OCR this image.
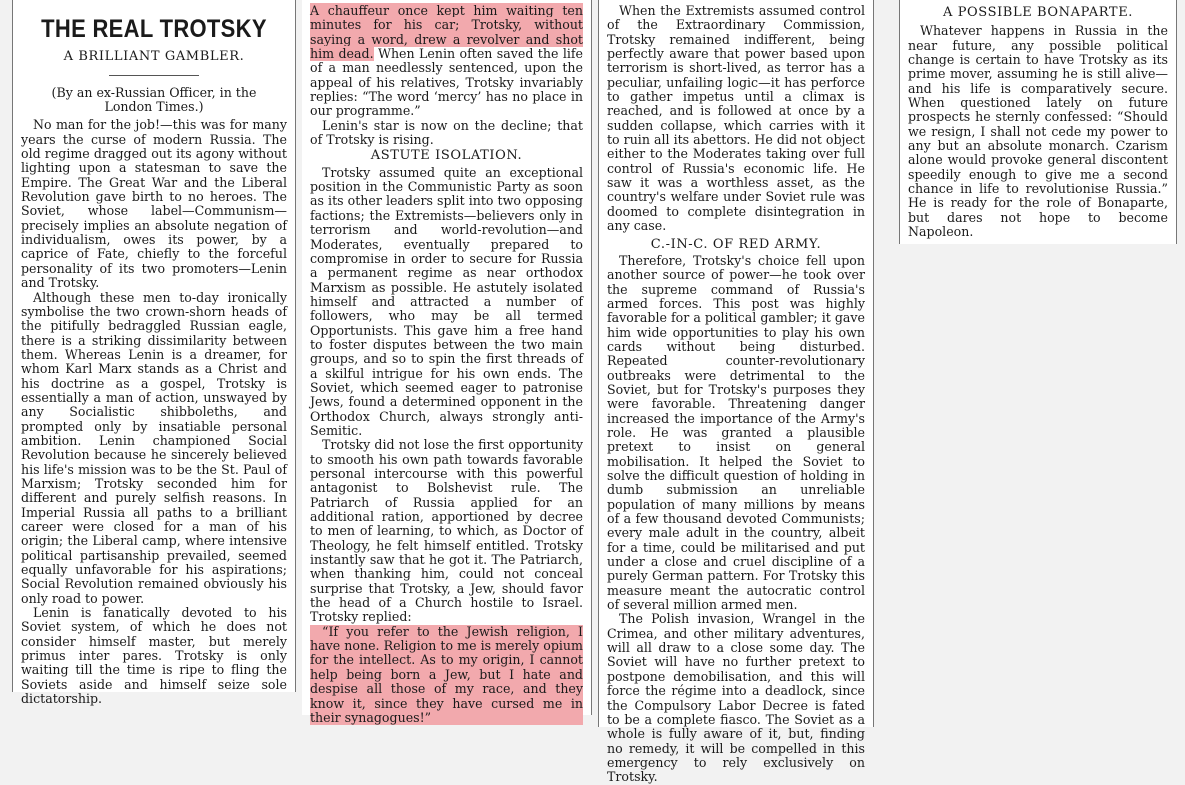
THE REAL TROTSKY
A BRILLIANT GAMBLER.
(By an ex-Russian Officer, in the London Times.)

No man for the job!—this was for many years the curse of modern Russia. The old regime dragged out its agony without lighting upon a statesman to save the Empire. The Great War and the Liberal Revolution gave birth to no heroes. The Soviet, whose label—Communism—precisely implies an absolute negation of individualism, owes its power, by a caprice of Fate, chiefly to the forceful personality of its two promoters—Lenin and Trotsky.

Although these men to-day ironically symbolise the two crown-shorn heads of the pitifully bedraggled Russian eagle, there is a striking dissimilarity between them. Whereas Lenin is a dreamer, for whom Karl Marx stands as a Christ and his doctrine as a gospel, Trotsky is essentially a man of action, unswayed by any Socialistic shibboleths, and prompted only by insatiable personal ambition. Lenin championed Social Revolution because he sincerely believed his life's mission was to be the St. Paul of Marxism; Trotsky seconded him for different and purely selfish reasons. In Imperial Russia all paths to a brilliant career were closed for a man of his origin; the Liberal camp, where intensive political partisanship prevailed, seemed equally unfavorable for his aspirations; Social Revolution remained obviously his only road to power.

Lenin is fanatically devoted to his Soviet system, of which he does not consider himself master, but merely primus inter pares. Trotsky is only waiting till the time is ripe to fling the Soviets aside and himself seize sole dictatorship.

A chauffeur once kept him waiting ten minutes for his car; Trotsky, without saying a word, drew a revolver and shot him dead. When Lenin often saved the life of a man needlessly sentenced, upon the appeal of his relatives, Trotsky invariably replies: “The word ‘mercy’ has no place in our programme.”

Lenin's star is now on the decline; that of Trotsky is rising.

ASTUTE ISOLATION.

Trotsky assumed quite an exceptional position in the Communistic Party as soon as its other leaders split into two opposing factions; the Extremists—believers only in terrorism and world-revolution—and Moderates, eventually prepared to compromise in order to secure for Russia a permanent regime as near orthodox Marxism as possible. He astutely isolated himself and attracted a number of followers, who may be all termed Opportunists. This gave him a free hand to foster disputes between the two main groups, and so to spin the first threads of a skilful intrigue for his own ends. The Soviet, which seemed eager to patronise Jews, found a determined opponent in the Orthodox Church, always strongly anti-Semitic.

Trotsky did not lose the first opportunity to smooth his own path towards favorable personal intercourse with this powerful antagonist to Bolshevist rule. The Patriarch of Russia applied for an additional ration, apportioned by decree to men of learning, to which, as Doctor of Theology, he felt himself entitled. Trotsky instantly saw that he got it. The Patriarch, when thanking him, could not conceal surprise that Trotsky, a Jew, should favor the head of a Church hostile to Israel. Trotsky replied:

“If you refer to the Jewish religion, I have none. Religion to me is merely opium for the intellect. As to my origin, I cannot help being born a Jew, but I hate and despise all those of my race, and they know it, since they have cursed me in their synagogues!”

When the Extremists assumed control of the Extraordinary Commission, Trotsky remained indifferent, being perfectly aware that power based upon terrorism is short-lived, as terror has a peculiar, unfailing logic—it has perforce to gather impetus until a climax is reached, and is followed at once by a sudden collapse, which carries with it to ruin all its abettors. He did not object either to the Moderates taking over full control of Russia's economic life. He saw it was a worthless asset, as the country's welfare under Soviet rule was doomed to complete disintegration in any case.

C.-IN-C. OF RED ARMY.

Therefore, Trotsky's choice fell upon another source of power—he took over the supreme command of Russia's armed forces. This post was highly favorable for a political gambler; it gave him wide opportunities to play his own cards without being disturbed. Repeated counter-revolutionary outbreaks were detrimental to the Soviet, but for Trotsky's purposes they were favorable. Threatening danger increased the importance of the Army's role. He was granted a plausible pretext to insist on general mobilisation. It helped the Soviet to solve the difficult question of holding in dumb submission an unreliable population of many millions by means of a few thousand devoted Communists; every male adult in the country, albeit for a time, could be militarised and put under a close and cruel discipline of a purely German pattern. For Trotsky this measure meant the autocratic control of several million armed men.

The Polish invasion, Wrangel in the Crimea, and other military adventures, will all draw to a close some day. The Soviet will have no further pretext to postpone demobilisation, and this will force the régime into a deadlock, since the Compulsory Labor Decree is fated to be a complete fiasco. The Soviet as a whole is fully aware of it, but, finding no remedy, it will be compelled in this emergency to rely exclusively on Trotsky.

A POSSIBLE BONAPARTE.

Whatever happens in Russia in the near future, any possible political change is certain to have Trotsky as its prime mover, assuming he is still alive—and his life is comparatively secure. When questioned lately on future prospects he sternly confessed: “Should we resign, I shall not cede my power to any but an absolute monarch. Czarism alone would provoke general discontent speedily enough to give me a second chance in life to revolutionise Russia.” He is ready for the role of Bonaparte, but dares not hope to become Napoleon.
